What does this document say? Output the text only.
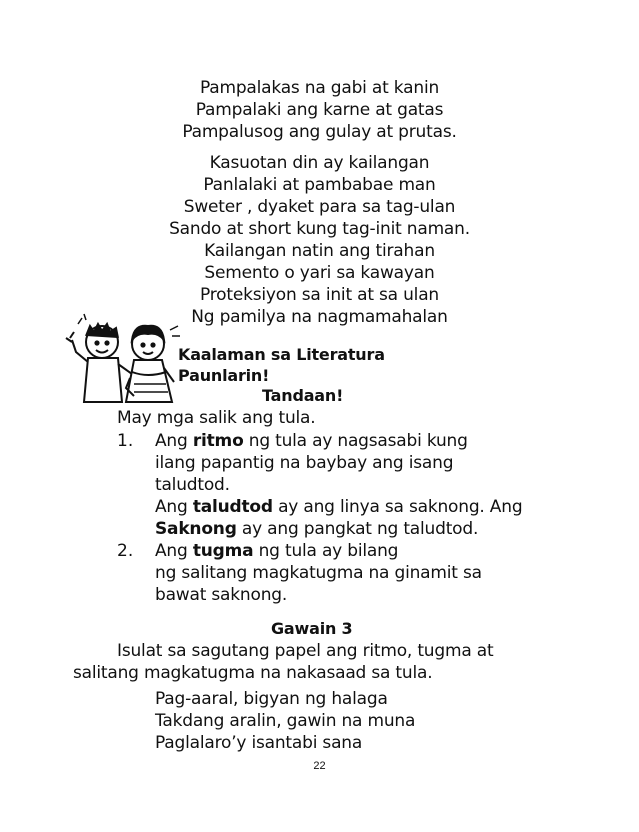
Pampalakas na gabi at kanin
Pampalaki ang karne at gatas
Pampalusog ang gulay at prutas.
Kasuotan din ay kailangan
Panlalaki at pambabae man
Sweter , dyaket para sa tag-ulan
Sando at short kung tag-init naman.
Kailangan natin ang tirahan
Semento o yari sa kawayan
Proteksiyon sa init at sa ulan
Ng pamilya na nagmamahalan
Kaalaman sa Literatura
Paunlarin!
Tandaan!
May mga salik ang tula.
1. Ang ritmo ng tula ay nagsasabi kung
ilang papantig na baybay ang isang
taludtod.
Ang taludtod ay ang linya sa saknong. Ang
Saknong ay ang pangkat ng taludtod.
2. Ang tugma ng tula ay bilang
ng salitang magkatugma na ginamit sa
bawat saknong.
Gawain 3
Isulat sa sagutang papel ang ritmo, tugma at
salitang magkatugma na nakasaad sa tula.
Pag-aaral, bigyan ng halaga
Takdang aralin, gawin na muna
Paglalaro’y isantabi sana
22
